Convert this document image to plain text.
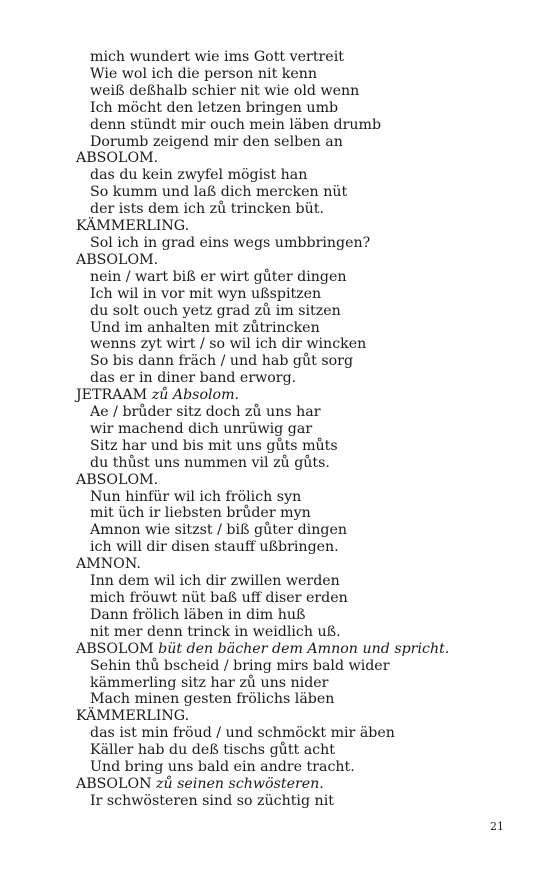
mich wundert wie ims Gott vertreit
Wie wol ich die person nit kenn
weiß deßhalb schier nit wie old wenn
Ich möcht den letzen bringen umb
denn stündt mir ouch mein läben drumb
Dorumb zeigend mir den selben an
ABSOLOM.
das du kein zwyfel mögist han
So kumm und laß dich mercken nüt
der ists dem ich zů trincken büt.
KÄMMERLING.
Sol ich in grad eins wegs umbbringen?
ABSOLOM.
nein / wart biß er wirt gůter dingen
Ich wil in vor mit wyn ußspitzen
du solt ouch yetz grad zů im sitzen
Und im anhalten mit zůtrincken
wenns zyt wirt / so wil ich dir wincken
So bis dann fräch / und hab gůt sorg
das er in diner band erworg.
JETRAAM zů Absolom.
Ae / brůder sitz doch zů uns har
wir machend dich unrüwig gar
Sitz har und bis mit uns gůts můts
du thůst uns nummen vil zů gůts.
ABSOLOM.
Nun hinfür wil ich frölich syn
mit üch ir liebsten brůder myn
Amnon wie sitzst / biß gůter dingen
ich will dir disen stauff ußbringen.
AMNON.
Inn dem wil ich dir zwillen werden
mich fröuwt nüt baß uff diser erden
Dann frölich läben in dim huß
nit mer denn trinck in weidlich uß.
ABSOLOM büt den bächer dem Amnon und spricht.
Sehin thů bscheid / bring mirs bald wider
kämmerling sitz har zů uns nider
Mach minen gesten frölichs läben
KÄMMERLING.
das ist min fröud / und schmöckt mir äben
Käller hab du deß tischs gůtt acht
Und bring uns bald ein andre tracht.
ABSOLON zů seinen schwösteren.
Ir schwösteren sind so züchtig nit
21
